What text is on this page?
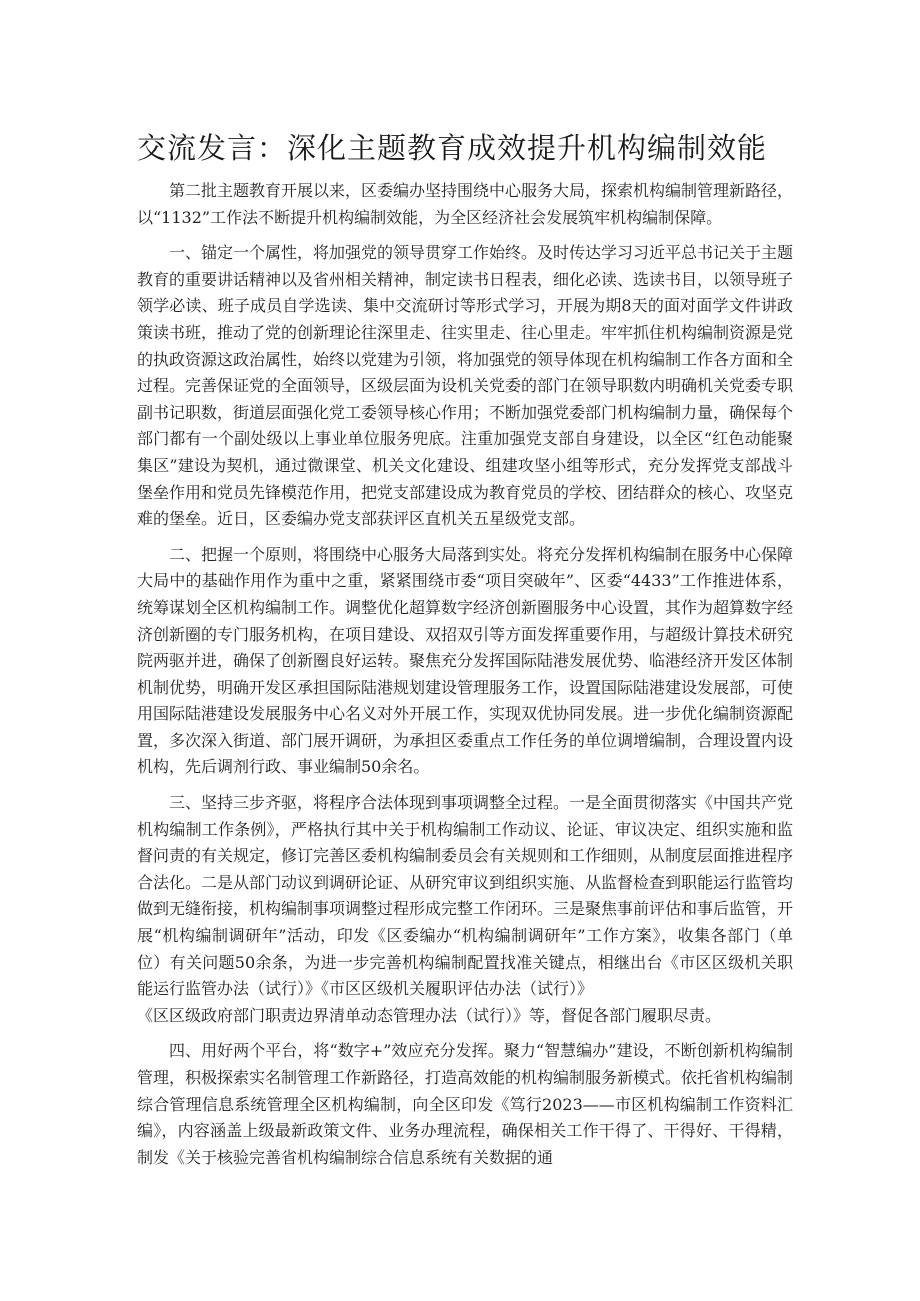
交流发言：深化主题教育成效提升机构编制效能

第二批主题教育开展以来，区委编办坚持围绕中心服务大局，探索机构编制管理新路径，以“1132”工作法不断提升机构编制效能，为全区经济社会发展筑牢机构编制保障。

一、锚定一个属性，将加强党的领导贯穿工作始终。及时传达学习习近平总书记关于主题教育的重要讲话精神以及省州相关精神，制定读书日程表，细化必读、选读书目，以领导班子领学必读、班子成员自学选读、集中交流研讨等形式学习，开展为期8天的面对面学文件讲政策读书班，推动了党的创新理论往深里走、往实里走、往心里走。牢牢抓住机构编制资源是党的执政资源这政治属性，始终以党建为引领，将加强党的领导体现在机构编制工作各方面和全过程。完善保证党的全面领导，区级层面为设机关党委的部门在领导职数内明确机关党委专职副书记职数，街道层面强化党工委领导核心作用；不断加强党委部门机构编制力量，确保每个部门都有一个副处级以上事业单位服务兜底。注重加强党支部自身建设，以全区“红色动能聚集区”建设为契机，通过微课堂、机关文化建设、组建攻坚小组等形式，充分发挥党支部战斗堡垒作用和党员先锋模范作用，把党支部建设成为教育党员的学校、团结群众的核心、攻坚克难的堡垒。近日，区委编办党支部获评区直机关五星级党支部。

二、把握一个原则，将围绕中心服务大局落到实处。将充分发挥机构编制在服务中心保障大局中的基础作用作为重中之重，紧紧围绕市委“项目突破年”、区委“4433”工作推进体系，统筹谋划全区机构编制工作。调整优化超算数字经济创新圈服务中心设置，其作为超算数字经济创新圈的专门服务机构，在项目建设、双招双引等方面发挥重要作用，与超级计算技术研究院两驱并进，确保了创新圈良好运转。聚焦充分发挥国际陆港发展优势、临港经济开发区体制机制优势，明确开发区承担国际陆港规划建设管理服务工作，设置国际陆港建设发展部，可使用国际陆港建设发展服务中心名义对外开展工作，实现双优协同发展。进一步优化编制资源配置，多次深入街道、部门展开调研，为承担区委重点工作任务的单位调增编制，合理设置内设机构，先后调剂行政、事业编制50余名。

三、坚持三步齐驱，将程序合法体现到事项调整全过程。一是全面贯彻落实《中国共产党机构编制工作条例》，严格执行其中关于机构编制工作动议、论证、审议决定、组织实施和监督问责的有关规定，修订完善区委机构编制委员会有关规则和工作细则，从制度层面推进程序合法化。二是从部门动议到调研论证、从研究审议到组织实施、从监督检查到职能运行监管均做到无缝衔接，机构编制事项调整过程形成完整工作闭环。三是聚焦事前评估和事后监管，开展“机构编制调研年”活动，印发《区委编办“机构编制调研年”工作方案》，收集各部门（单位）有关问题50余条，为进一步完善机构编制配置找准关键点，相继出台《市区区级机关职能运行监管办法（试行）》《市区区级机关履职评估办法（试行）》

《区区级政府部门职责边界清单动态管理办法（试行）》等，督促各部门履职尽责。

四、用好两个平台，将“数字+”效应充分发挥。聚力“智慧编办”建设，不断创新机构编制管理，积极探索实名制管理工作新路径，打造高效能的机构编制服务新模式。依托省机构编制综合管理信息系统管理全区机构编制，向全区印发《笃行2023——市区机构编制工作资料汇编》，内容涵盖上级最新政策文件、业务办理流程，确保相关工作干得了、干得好、干得精，制发《关于核验完善省机构编制综合信息系统有关数据的通
